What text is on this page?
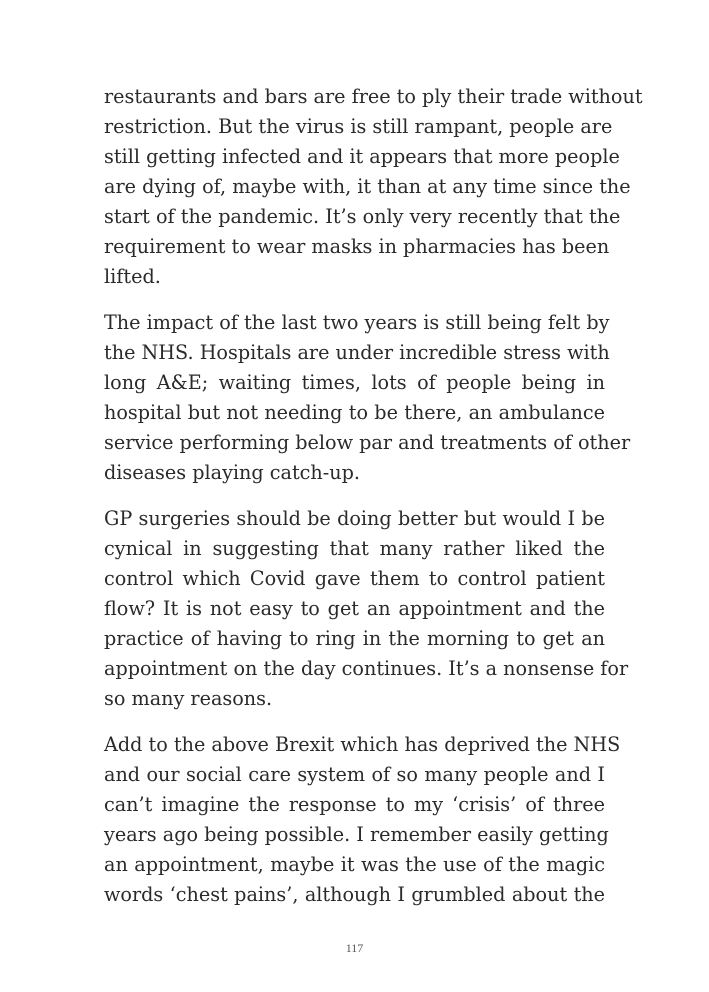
restaurants and bars are free to ply their trade without
restriction. But the virus is still rampant, people are
still getting infected and it appears that more people
are dying of, maybe with, it than at any time since the
start of the pandemic. It’s only very recently that the
requirement to wear masks in pharmacies has been
lifted.

The impact of the last two years is still being felt by
the NHS. Hospitals are under incredible stress with
long A&E; waiting times, lots of people being in
hospital but not needing to be there, an ambulance
service performing below par and treatments of other
diseases playing catch-up.

GP surgeries should be doing better but would I be
cynical in suggesting that many rather liked the
control which Covid gave them to control patient
flow? It is not easy to get an appointment and the
practice of having to ring in the morning to get an
appointment on the day continues. It’s a nonsense for
so many reasons.

Add to the above Brexit which has deprived the NHS
and our social care system of so many people and I
can’t imagine the response to my ‘crisis’ of three
years ago being possible. I remember easily getting
an appointment, maybe it was the use of the magic
words ‘chest pains’, although I grumbled about the

117
